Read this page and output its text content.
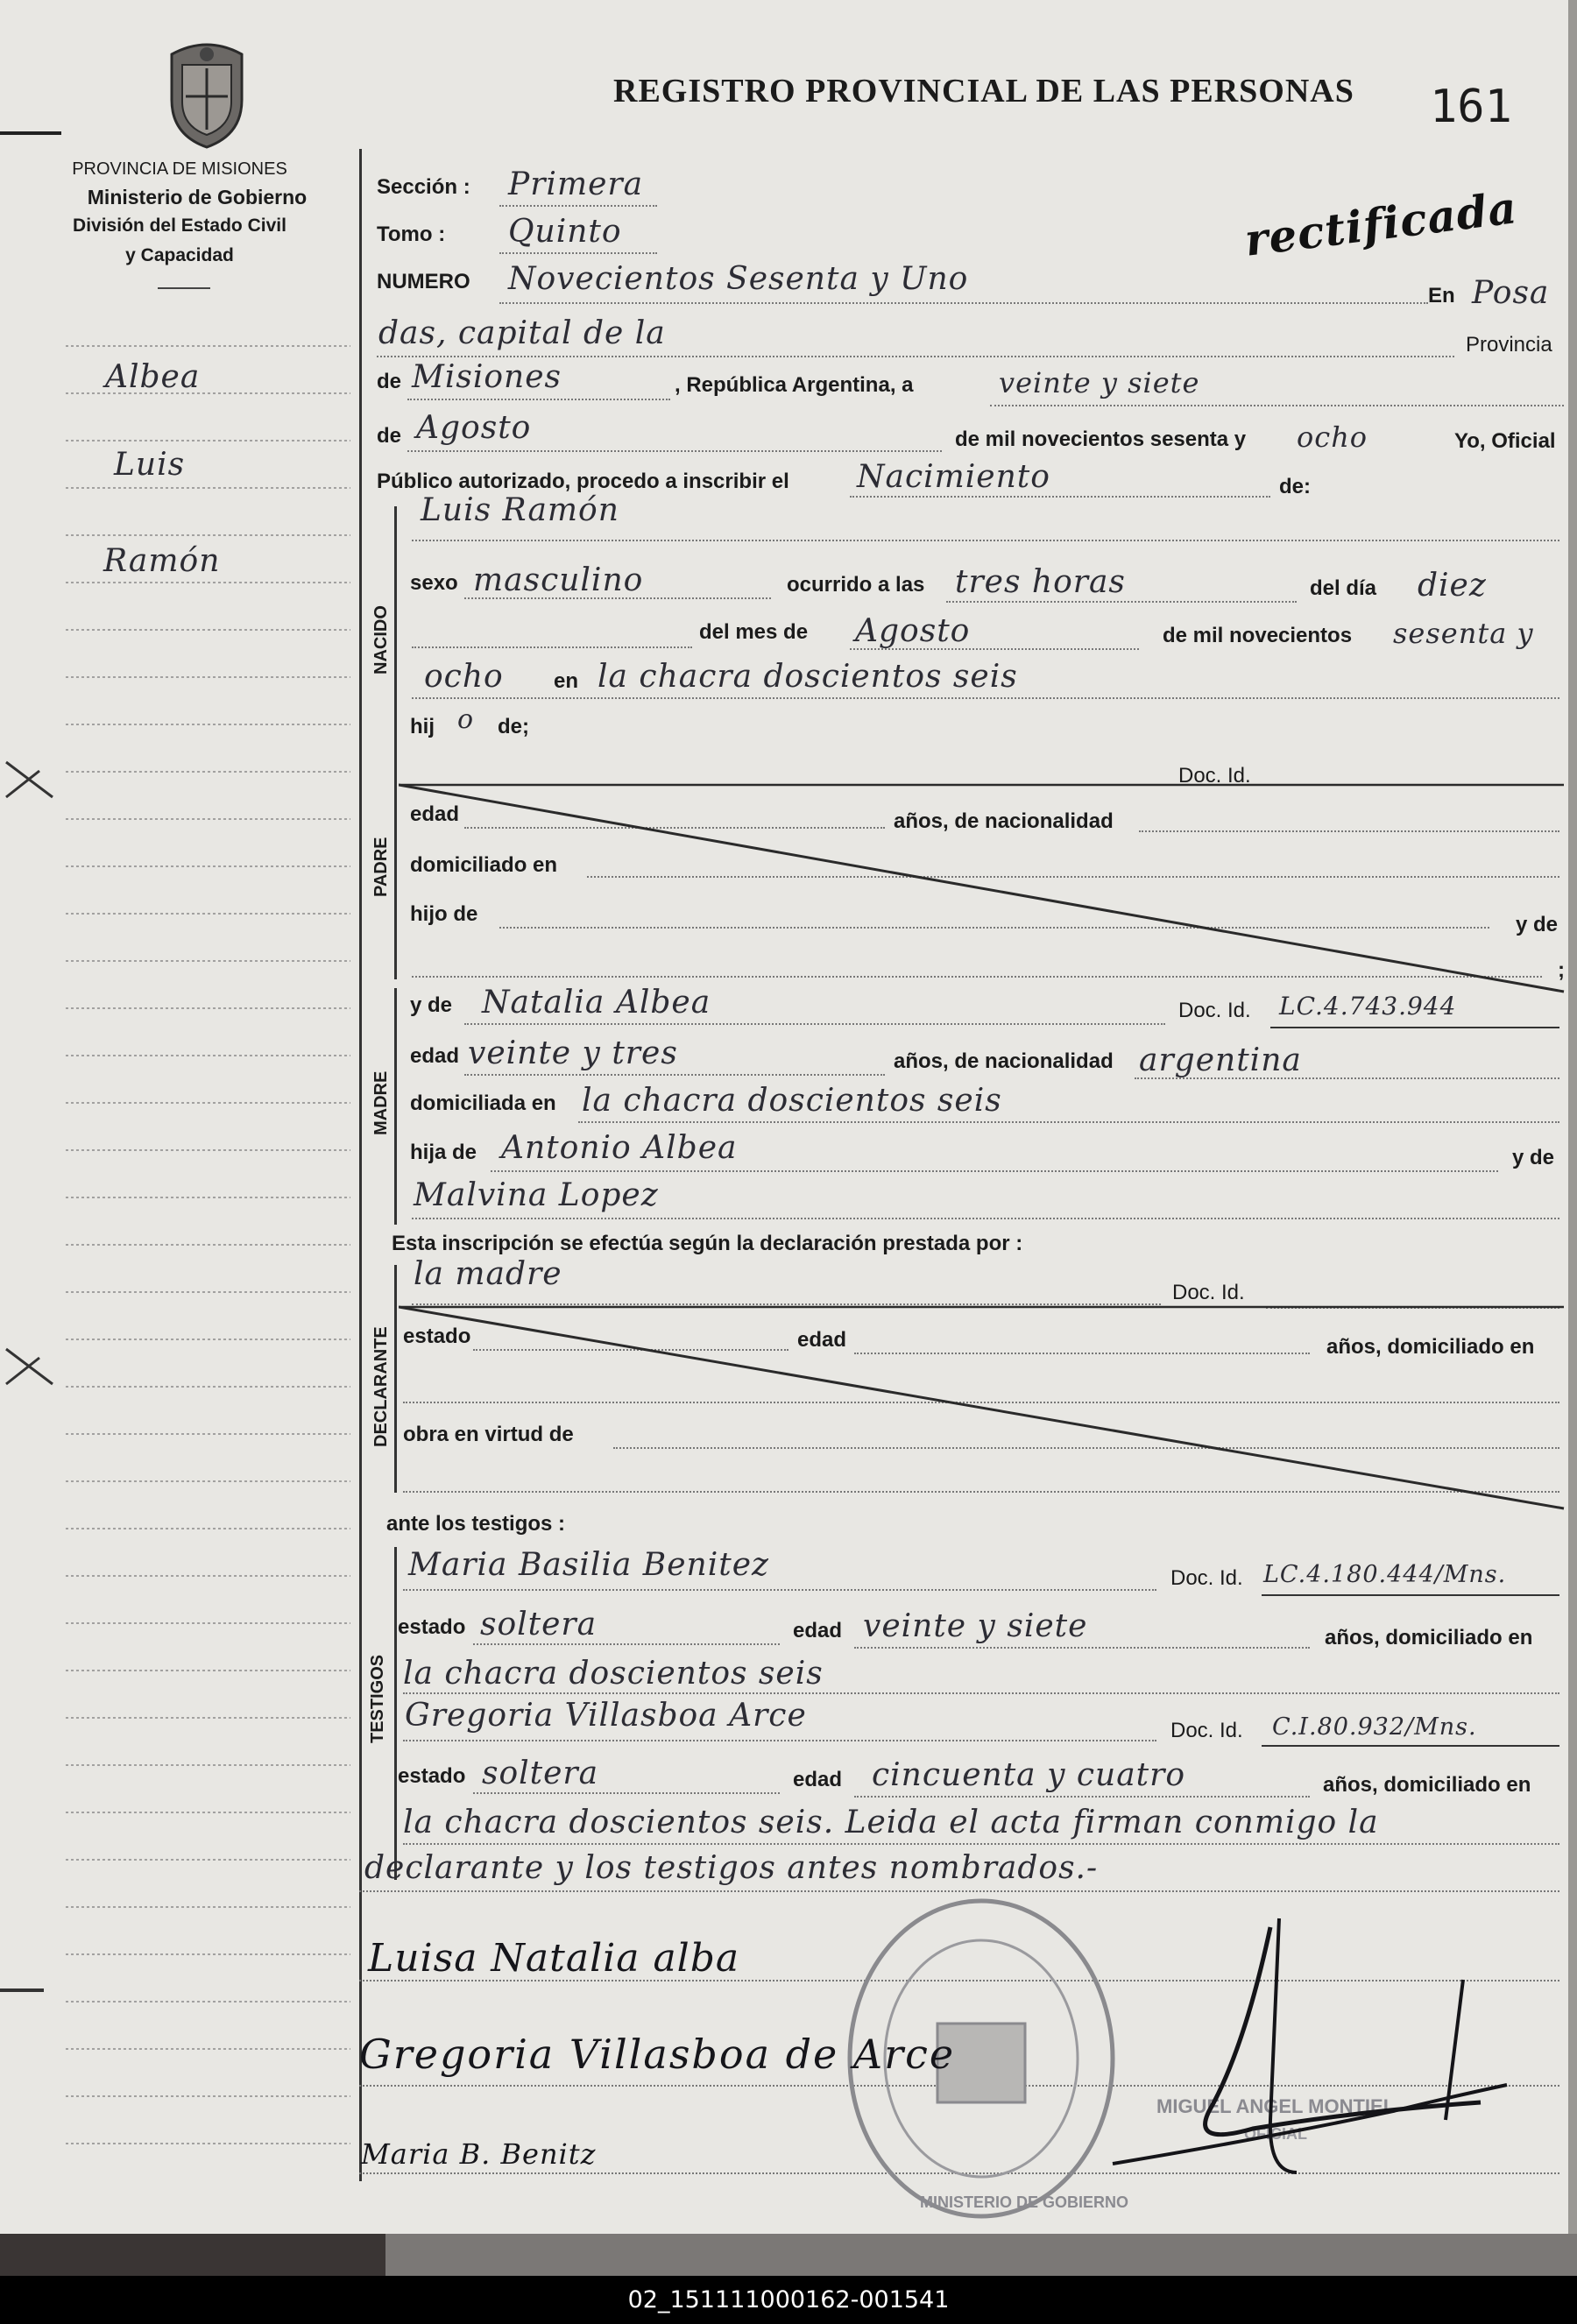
PROVINCIA DE MISIONES
Ministerio de Gobierno
División del Estado Civil
y Capacidad
Albea
Luis
Ramón
REGISTRO PROVINCIAL DE LAS PERSONAS 161
rectificada
Sección : Primera
Tomo : Quinto
NUMERO Novecientos Sesenta y Uno	En Posa
das, capital de la	Provincia
de Misiones	, República Argentina, a	veinte y siete
de Agosto	de mil novecientos sesenta y ocho	Yo, Oficial
Público autorizado, procedo a inscribir el Nacimiento	de:
NACIDO
Luis Ramón
sexo masculino	ocurrido a las tres horas	del día diez
del mes de Agosto	de mil novecientos sesenta y
ocho en la chacra doscientos seis
hij o de;
PADRE
Doc. Id.
edad	años, de nacionalidad
domiciliado en
hijo de	y de
;
MADRE
y de Natalia Albea	Doc. Id. LC.4.743.944
edad veinte y tres	años, de nacionalidad argentina
domiciliada en la chacra doscientos seis
hija de Antonio Albea	y de
Malvina Lopez
Esta inscripción se efectúa según la declaración prestada por :
DECLARANTE
la madre
Doc. Id.
estado	edad	años, domiciliado en
obra en virtud de
ante los testigos :
TESTIGOS
Maria Basilia Benitez	Doc. Id. LC.4.180.444/Mns.
estado soltera	edad veinte y siete	años, domiciliado en
la chacra doscientos seis
Gregoria Villasboa Arce	Doc. Id. C.I.80.932/Mns.
estado soltera	edad cincuenta y cuatro	años, domiciliado en
la chacra doscientos seis. Leida el acta firman conmigo la
declarante y los testigos antes nombrados.-
MINISTERIO DE GOBIERNO
MIGUEL ANGEL MONTIEL
OFICIAL
Luisa Natalia alba
Gregoria Villasboa de Arce
Maria B. Benitz
02_151111000162-001541
